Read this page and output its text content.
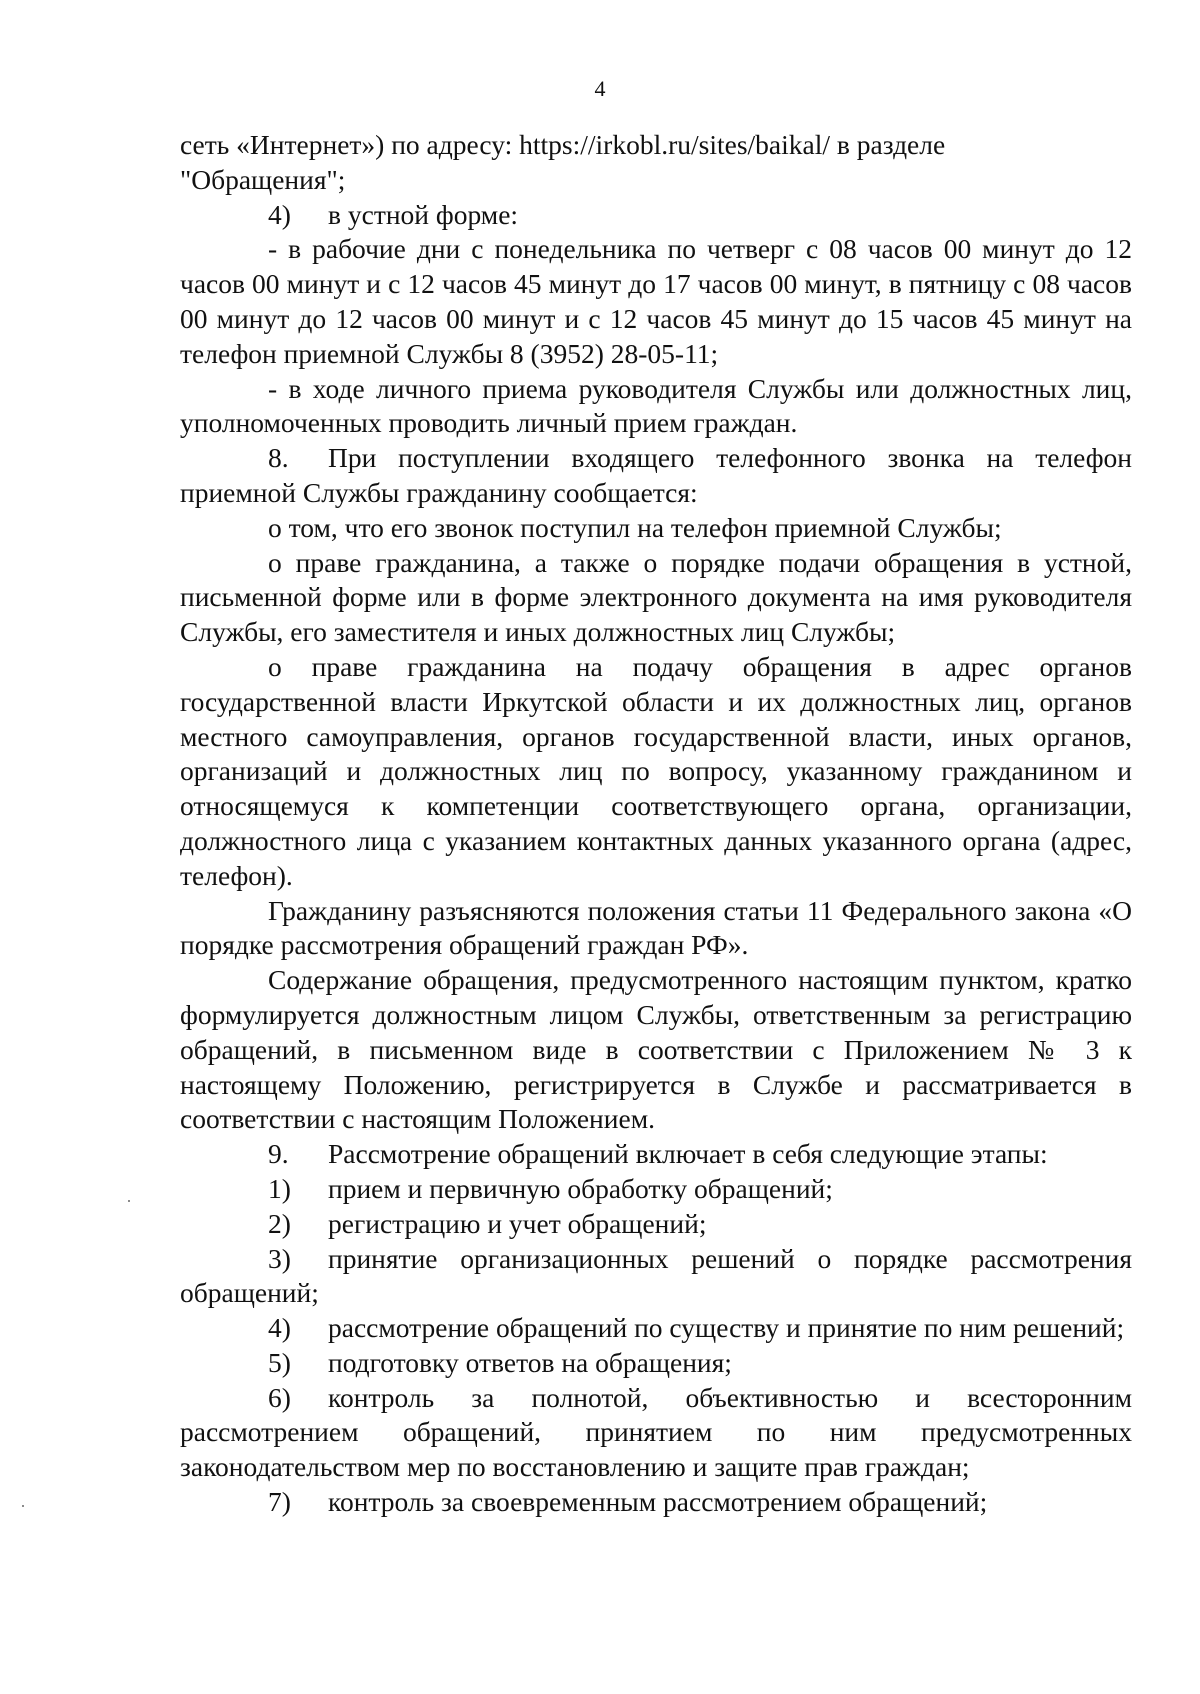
4

сеть «Интернет») по адресу: https://irkobl.ru/sites/baikal/ в разделе

"Обращения";

4) в устной форме:

- в рабочие дни с понедельника по четверг с 08 часов 00 минут до 12 часов 00 минут и с 12 часов 45 минут до 17 часов 00 минут, в пятницу с 08 часов 00 минут до 12 часов 00 минут и с 12 часов 45 минут до 15 часов 45 минут на телефон приемной Службы 8 (3952) 28-05-11;

- в ходе личного приема руководителя Службы или должностных лиц, уполномоченных проводить личный прием граждан.

8. При поступлении входящего телефонного звонка на телефон приемной Службы гражданину сообщается:

о том, что его звонок поступил на телефон приемной Службы;

о праве гражданина, а также о порядке подачи обращения в устной, письменной форме или в форме электронного документа на имя руководителя Службы, его заместителя и иных должностных лиц Службы;

о праве гражданина на подачу обращения в адрес органов государственной власти Иркутской области и их должностных лиц, органов местного самоуправления, органов государственной власти, иных органов, организаций и должностных лиц по вопросу, указанному гражданином и относящемуся к компетенции соответствующего органа, организации, должностного лица с указанием контактных данных указанного органа (адрес, телефон).

Гражданину разъясняются положения статьи 11 Федерального закона «О порядке рассмотрения обращений граждан РФ».

Содержание обращения, предусмотренного настоящим пунктом, кратко формулируется должностным лицом Службы, ответственным за регистрацию обращений, в письменном виде в соответствии с Приложением № 3 к настоящему Положению, регистрируется в Службе и рассматривается в соответствии с настоящим Положением.

9. Рассмотрение обращений включает в себя следующие этапы:

1) прием и первичную обработку обращений;

2) регистрацию и учет обращений;

3) принятие организационных решений о порядке рассмотрения обращений;

4) рассмотрение обращений по существу и принятие по ним решений;

5) подготовку ответов на обращения;

6) контроль за полнотой, объективностью и всесторонним рассмотрением обращений, принятием по ним предусмотренных законодательством мер по восстановлению и защите прав граждан;

7) контроль за своевременным рассмотрением обращений;
